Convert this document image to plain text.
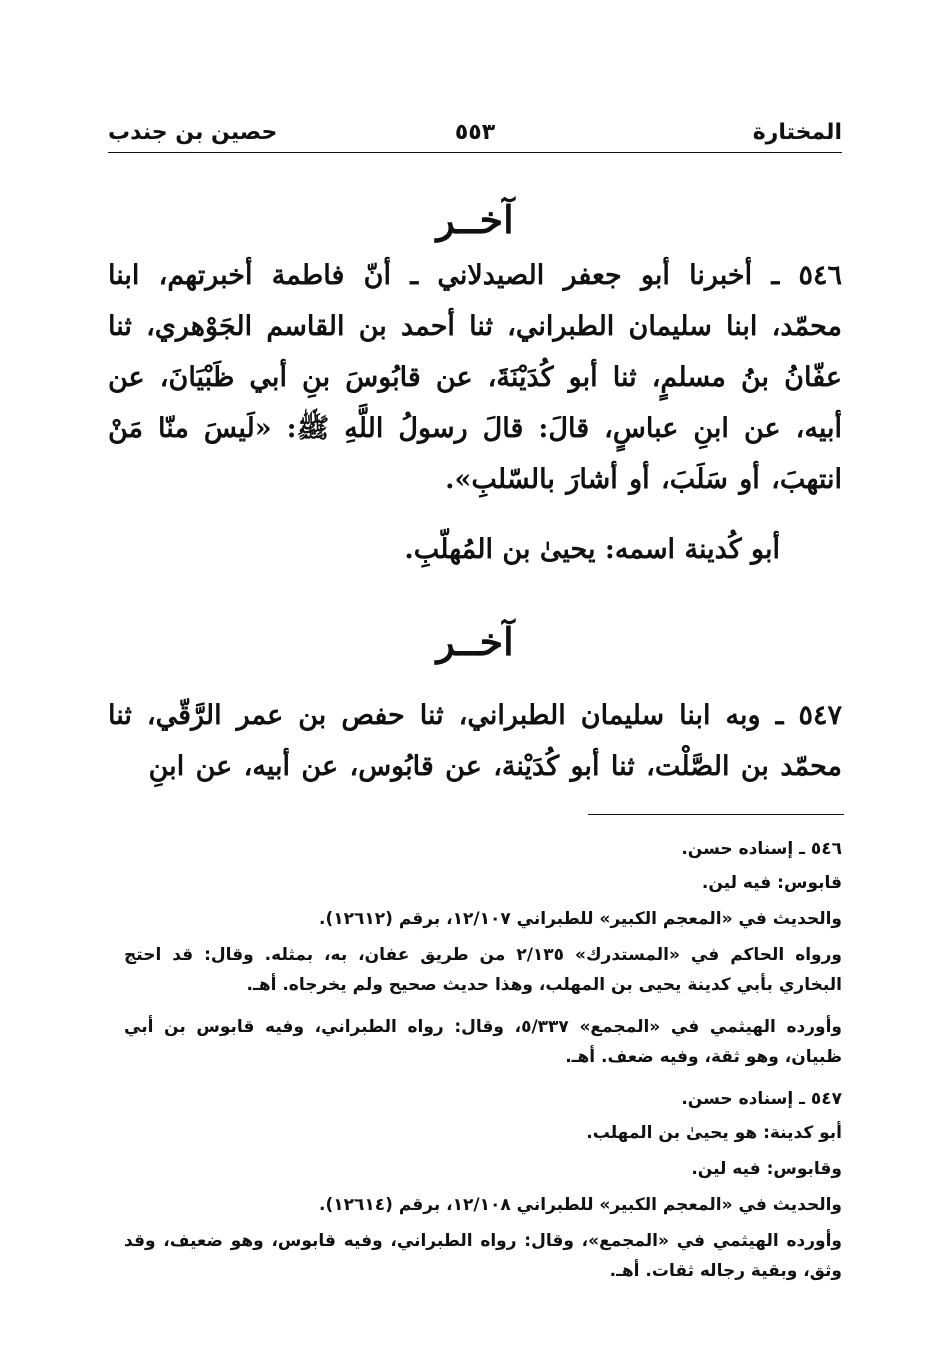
المختارة
٥٥٣
حصين بن جندب
آخــر
٥٤٦ ـ أخبرنا أبو جعفر الصيدلاني ـ أنّ فاطمة أخبرتهم، ابنا محمّد، ابنا سليمان الطبراني، ثنا أحمد بن القاسم الجَوْهري، ثنا عفّانُ بنُ مسلمٍ، ثنا أبو كُدَيْنَةَ، عن قابُوسَ بنِ أبي ظَبْيَانَ، عن أبيه، عن ابنِ عباسٍ، قالَ: قالَ رسولُ اللَّهِ ﷺ: «لَيسَ منّا مَنْ انتهبَ، أو سَلَبَ، أو أشارَ بالسّلبِ».
أبو كُدينة اسمه: يحيىٰ بن المُهلّبِ.
آخــر
٥٤٧ ـ وبه ابنا سليمان الطبراني، ثنا حفص بن عمر الرَّقّي، ثنا محمّد بن الصَّلْت، ثنا أبو كُدَيْنة، عن قابُوس، عن أبيه، عن ابنِ
٥٤٦ ـ إسناده حسن.
قابوس: فيه لين.
والحديث في «المعجم الكبير» للطبراني ١٢/١٠٧، برقم (١٢٦١٢).
ورواه الحاكم في «المستدرك» ٢/١٣٥ من طريق عفان، به، بمثله. وقال: قد احتج البخاري بأبي كدينة يحيى بن المهلب، وهذا حديث صحيح ولم يخرجاه. أهـ.
وأورده الهيثمي في «المجمع» ٥/٣٣٧، وقال: رواه الطبراني، وفيه قابوس بن أبي ظبيان، وهو ثقة، وفيه ضعف. أهـ.
٥٤٧ ـ إسناده حسن.
أبو كدينة: هو يحيىٰ بن المهلب.
وقابوس: فيه لين.
والحديث في «المعجم الكبير» للطبراني ١٢/١٠٨، برقم (١٢٦١٤).
وأورده الهيثمي في «المجمع»، وقال: رواه الطبراني، وفيه قابوس، وهو ضعيف، وقد وثق، وبقية رجاله ثقات. أهـ.
